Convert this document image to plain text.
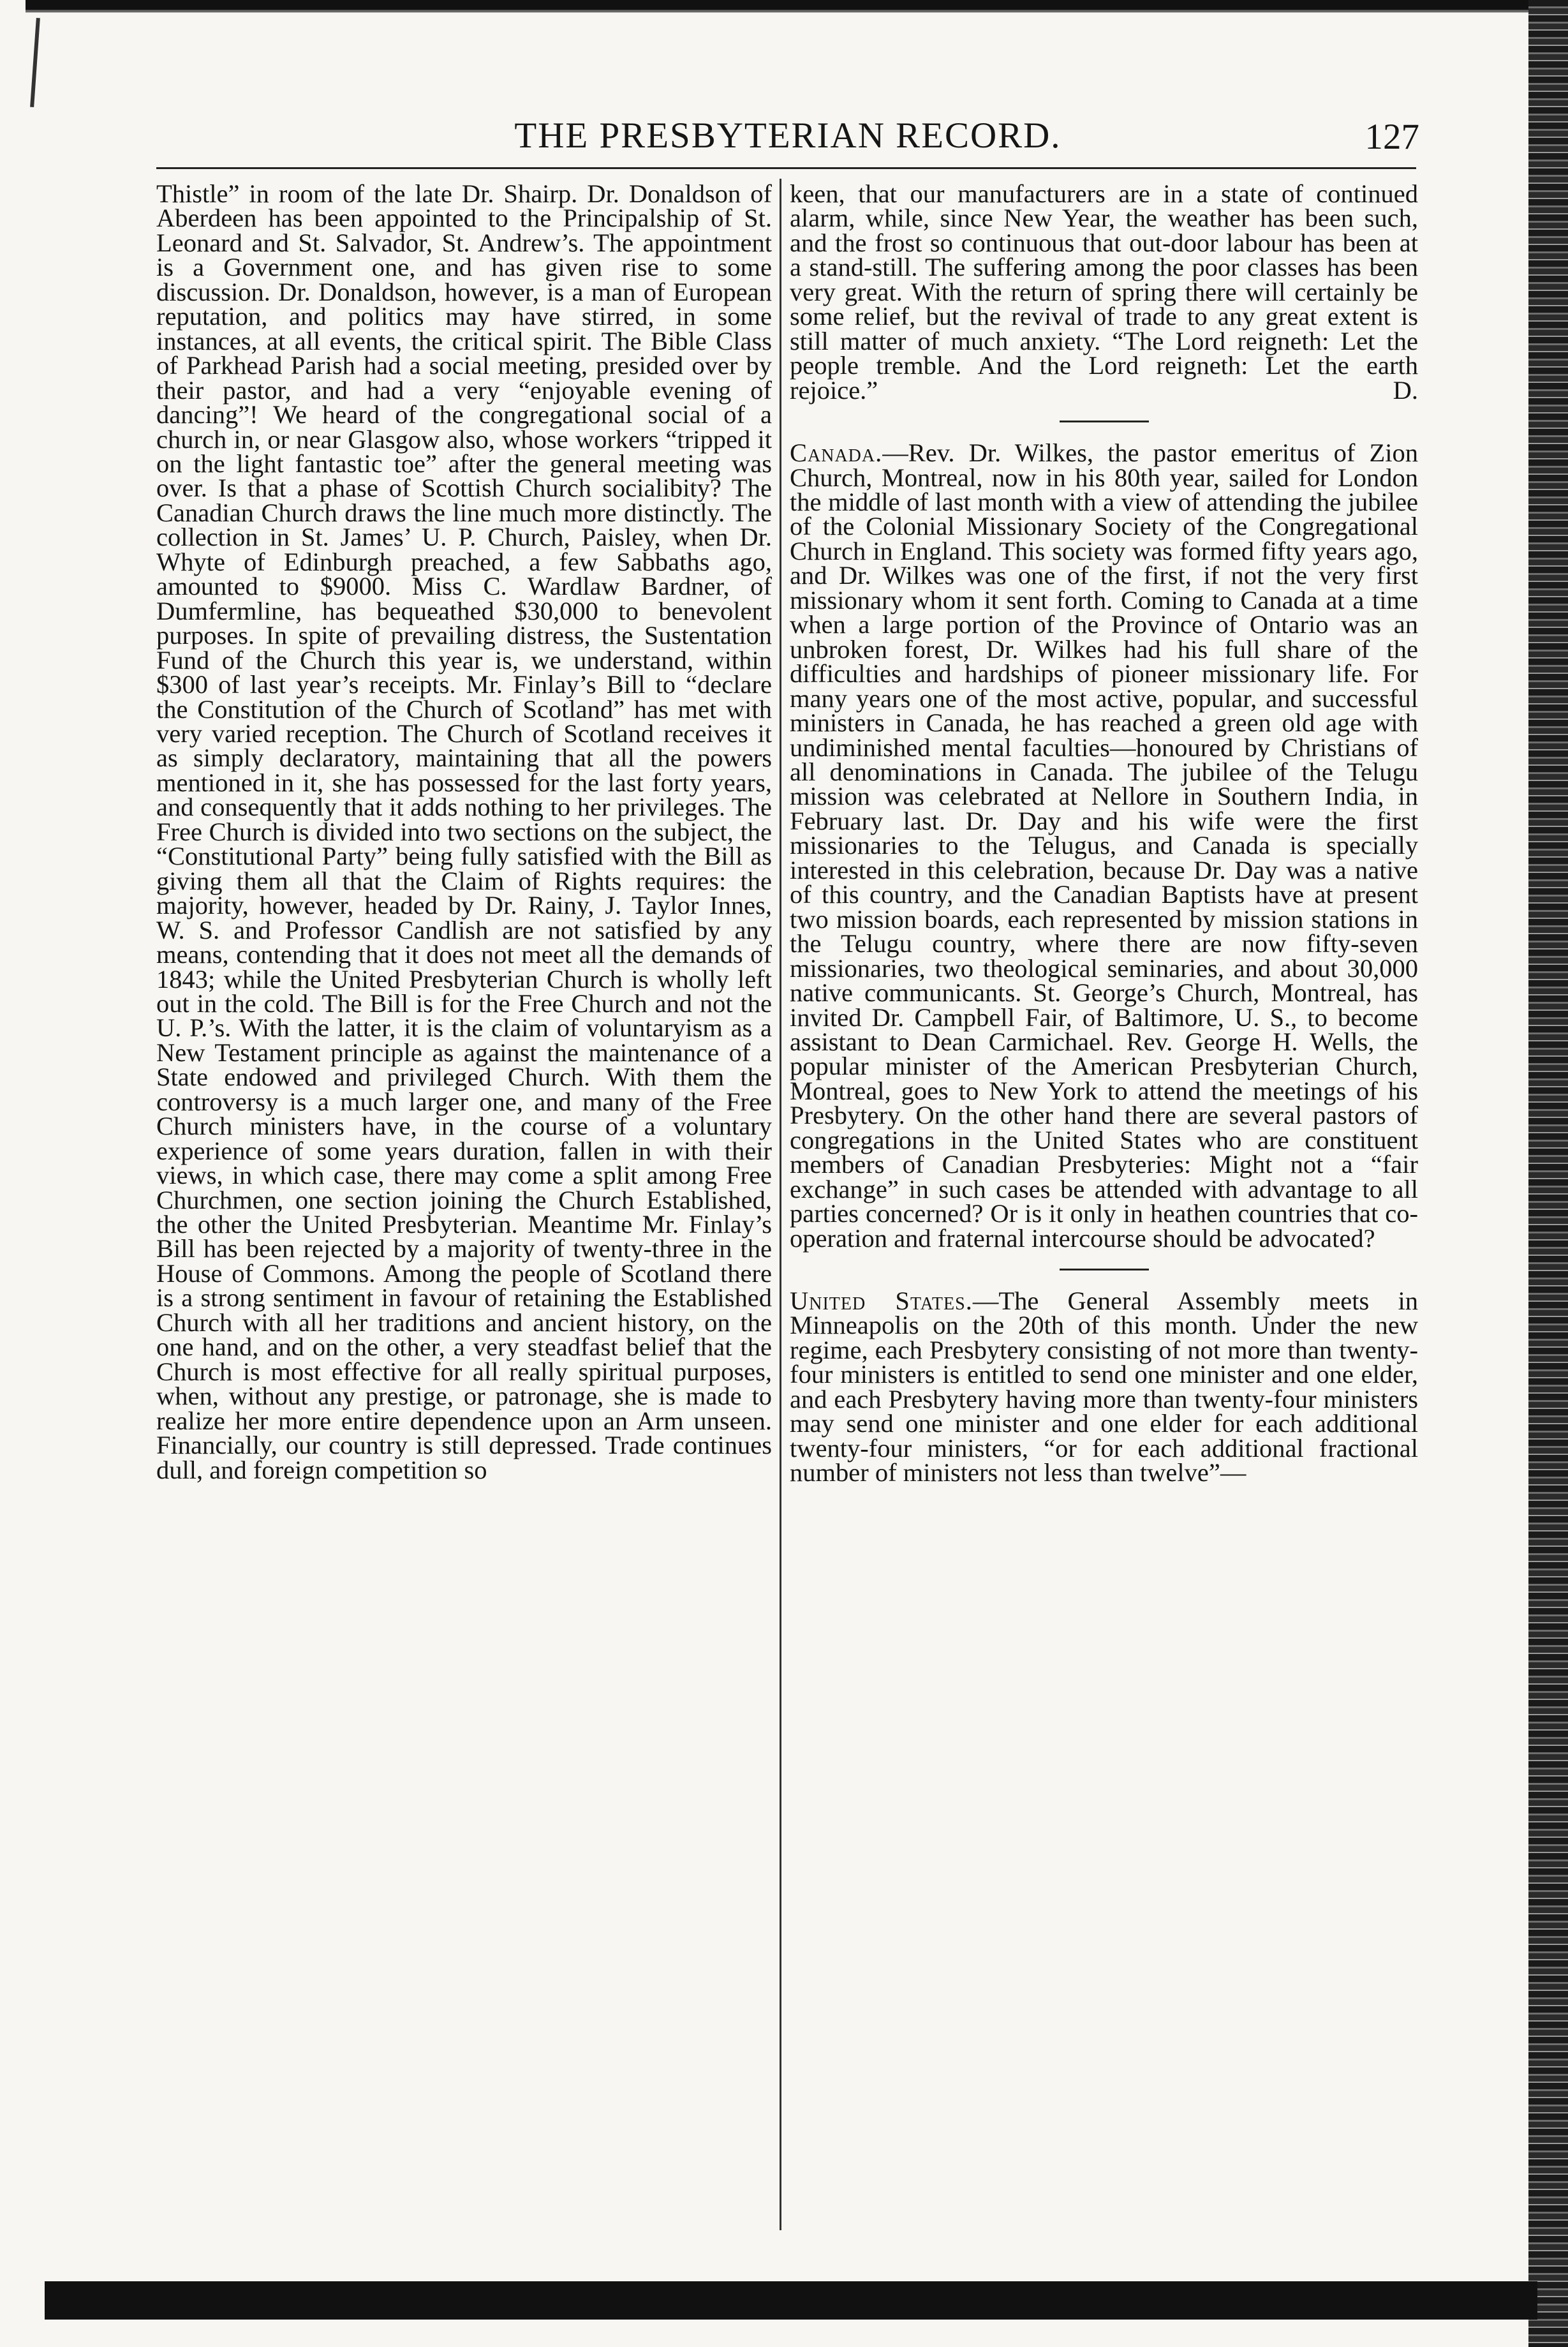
THE PRESBYTERIAN RECORD.	127

Thistle” in room of the late Dr. Shairp. Dr. Donaldson of Aberdeen has been appointed to the Principalship of St. Leonard and St. Salvador, St. Andrew’s. The appointment is a Government one, and has given rise to some discussion. Dr. Donaldson, however, is a man of European reputation, and politics may have stirred, in some instances, at all events, the critical spirit. The Bible Class of Parkhead Parish had a social meeting, presided over by their pastor, and had a very “enjoyable evening of dancing”! We heard of the congregational social of a church in, or near Glasgow also, whose workers “tripped it on the light fantastic toe” after the general meeting was over. Is that a phase of Scottish Church socialibity? The Canadian Church draws the line much more distinctly. The collection in St. James’ U. P. Church, Paisley, when Dr. Whyte of Edinburgh preached, a few Sabbaths ago, amounted to $9000. Miss C. Wardlaw Bardner, of Dumfermline, has bequeathed $30,000 to benevolent purposes. In spite of prevailing distress, the Sustentation Fund of the Church this year is, we understand, within $300 of last year’s receipts. Mr. Finlay’s Bill to “declare the Constitution of the Church of Scotland” has met with very varied reception. The Church of Scotland receives it as simply declaratory, maintaining that all the powers mentioned in it, she has possessed for the last forty years, and consequently that it adds nothing to her privileges. The Free Church is divided into two sections on the subject, the “Constitutional Party” being fully satisfied with the Bill as giving them all that the Claim of Rights requires: the majority, however, headed by Dr. Rainy, J. Taylor Innes, W. S. and Professor Candlish are not satisfied by any means, contending that it does not meet all the demands of 1843; while the United Presbyterian Church is wholly left out in the cold. The Bill is for the Free Church and not the U. P.’s. With the latter, it is the claim of voluntaryism as a New Testament principle as against the maintenance of a State endowed and privileged Church. With them the controversy is a much larger one, and many of the Free Church ministers have, in the course of a voluntary experience of some years duration, fallen in with their views, in which case, there may come a split among Free Churchmen, one section joining the Church Established, the other the United Presbyterian. Meantime Mr. Finlay’s Bill has been rejected by a majority of twenty-three in the House of Commons. Among the people of Scotland there is a strong sentiment in favour of retaining the Established Church with all her traditions and ancient history, on the one hand, and on the other, a very steadfast belief that the Church is most effective for all really spiritual purposes, when, without any prestige, or patronage, she is made to realize her more entire dependence upon an Arm unseen. Financially, our country is still depressed. Trade continues dull, and foreign competition so

keen, that our manufacturers are in a state of continued alarm, while, since New Year, the weather has been such, and the frost so continuous that out-door labour has been at a stand-still. The suffering among the poor classes has been very great. With the return of spring there will certainly be some relief, but the revival of trade to any great extent is still matter of much anxiety. “The Lord reigneth: Let the people tremble. And the Lord reigneth: Let the earth rejoice.”	D.

Canada.—Rev. Dr. Wilkes, the pastor emeritus of Zion Church, Montreal, now in his 80th year, sailed for London the middle of last month with a view of attending the jubilee of the Colonial Missionary Society of the Congregational Church in England. This society was formed fifty years ago, and Dr. Wilkes was one of the first, if not the very first missionary whom it sent forth. Coming to Canada at a time when a large portion of the Province of Ontario was an unbroken forest, Dr. Wilkes had his full share of the difficulties and hardships of pioneer missionary life. For many years one of the most active, popular, and successful ministers in Canada, he has reached a green old age with undiminished mental faculties—honoured by Christians of all denominations in Canada. The jubilee of the Telugu mission was celebrated at Nellore in Southern India, in February last. Dr. Day and his wife were the first missionaries to the Telugus, and Canada is specially interested in this celebration, because Dr. Day was a native of this country, and the Canadian Baptists have at present two mission boards, each represented by mission stations in the Telugu country, where there are now fifty-seven missionaries, two theological seminaries, and about 30,000 native communicants. St. George’s Church, Montreal, has invited Dr. Campbell Fair, of Baltimore, U. S., to become assistant to Dean Carmichael. Rev. George H. Wells, the popular minister of the American Presbyterian Church, Montreal, goes to New York to attend the meetings of his Presbytery. On the other hand there are several pastors of congregations in the United States who are constituent members of Canadian Presbyteries: Might not a “fair exchange” in such cases be attended with advantage to all parties concerned? Or is it only in heathen countries that co-operation and fraternal intercourse should be advocated?

United States.—The General Assembly meets in Minneapolis on the 20th of this month. Under the new regime, each Presbytery consisting of not more than twenty-four ministers is entitled to send one minister and one elder, and each Presbytery having more than twenty-four ministers may send one minister and one elder for each additional twenty-four ministers, “or for each additional fractional number of ministers not less than twelve”—
